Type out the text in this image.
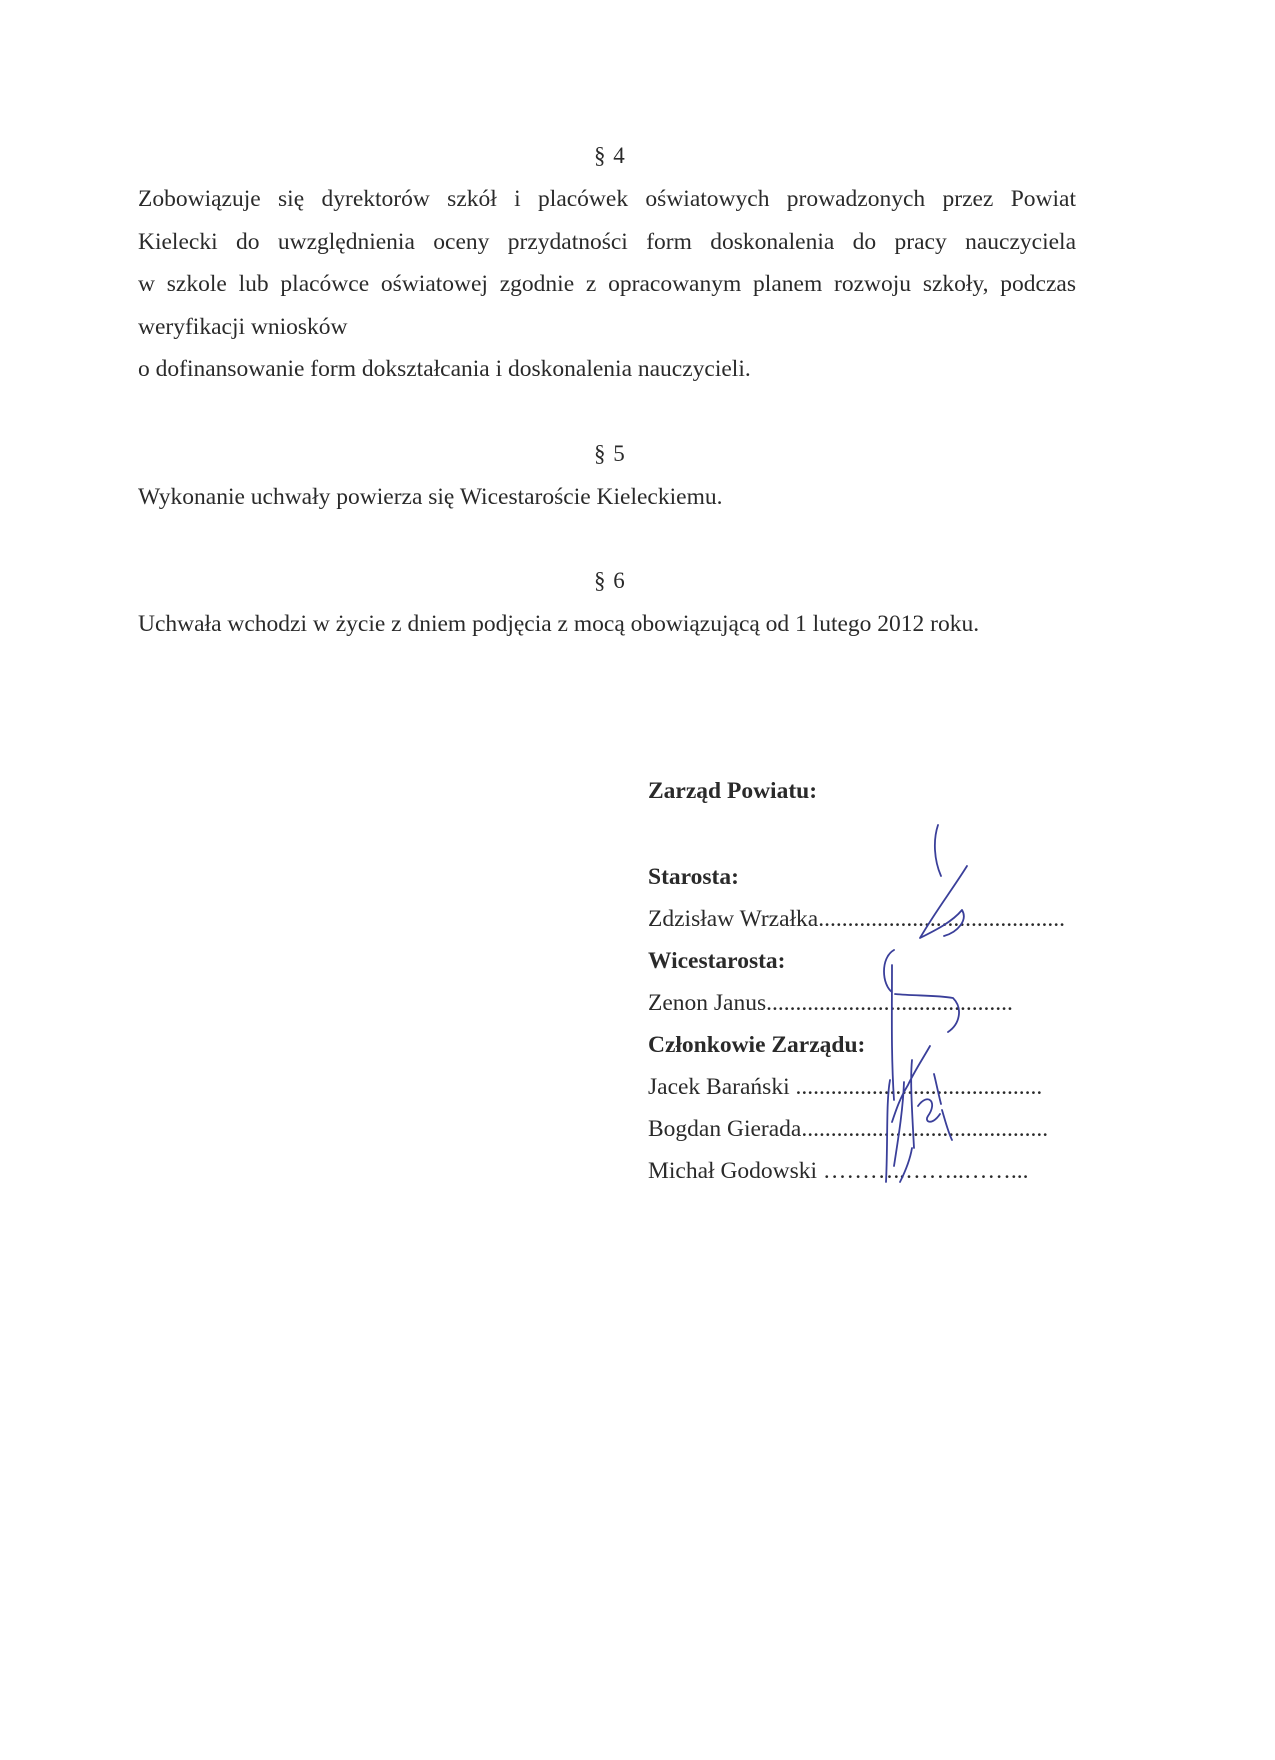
§ 4

Zobowiązuje się dyrektorów szkół i placówek oświatowych prowadzonych przez Powiat

Kielecki do uwzględnienia oceny przydatności form doskonalenia do pracy nauczyciela

w szkole lub placówce oświatowej zgodnie z opracowanym planem rozwoju szkoły, podczas

weryfikacji wniosków

o dofinansowanie form dokształcania i doskonalenia nauczycieli.

§ 5

Wykonanie uchwały powierza się Wicestaroście Kieleckiemu.

§ 6

Uchwała wchodzi w życie z dniem podjęcia z mocą obowiązującą od 1 lutego 2012 roku.

Zarząd Powiatu:
Starosta:
Zdzisław Wrzałka..........................................
Wicestarosta:
Zenon Janus..........................................
Członkowie Zarządu:
Jacek Barański ..........................................
Bogdan Gierada..........................................
Michał Godowski ………..……..……...
